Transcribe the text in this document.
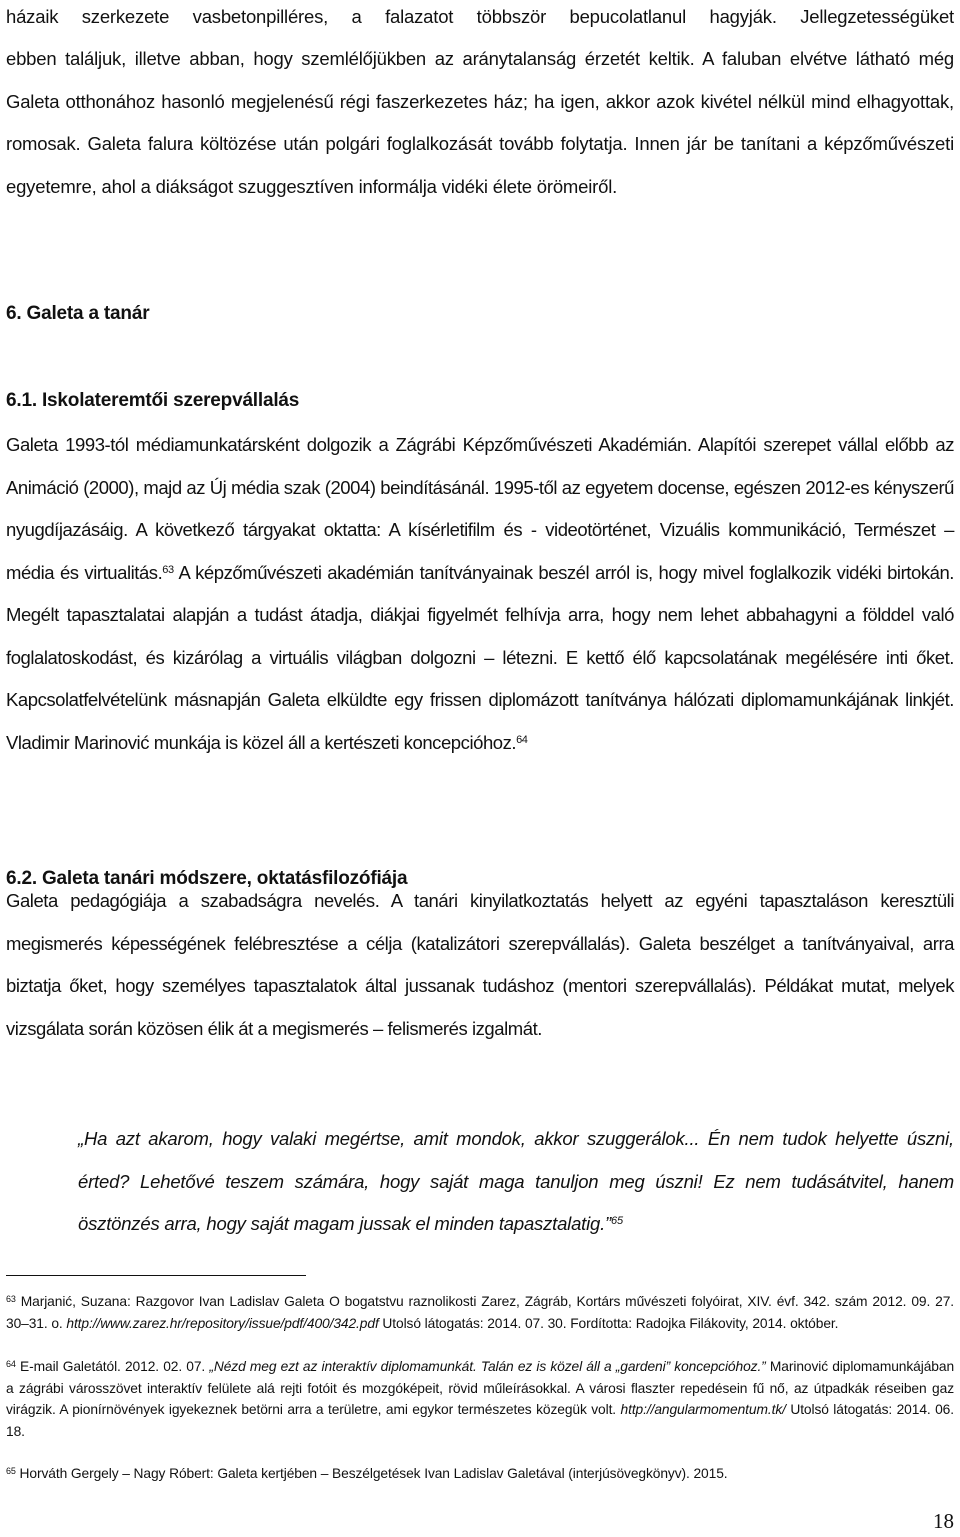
házaik szerkezete vasbetonpilléres, a falazatot többször bepucolatlanul hagyják. Jellegzetességüket

ebben találjuk, illetve abban, hogy szemlélőjükben az aránytalanság érzetét keltik. A faluban elvétve látható még Galeta otthonához hasonló megjelenésű régi faszerkezetes ház; ha igen, akkor azok kivétel nélkül mind elhagyottak, romosak. Galeta falura költözése után polgári foglalkozását tovább folytatja. Innen jár be tanítani a képzőművészeti egyetemre, ahol a diákságot szuggesztíven informálja vidéki élete örömeiről.

6. Galeta a tanár
6.1. Iskolateremtői szerepvállalás

Galeta 1993-tól médiamunkatársként dolgozik a Zágrábi Képzőművészeti Akadémián. Alapítói szerepet vállal előbb az Animáció (2000), majd az Új média szak (2004) beindításánál. 1995-től az egyetem docense, egészen 2012-es kényszerű nyugdíjazásáig. A következő tárgyakat oktatta: A kísérletifilm és - videotörténet, Vizuális kommunikáció, Természet – média és virtualitás.$^{63}$ A képzőművészeti akadémián tanítványainak beszél arról is, hogy mivel foglalkozik vidéki birtokán. Megélt tapasztalatai alapján a tudást átadja, diákjai figyelmét felhívja arra, hogy nem lehet abbahagyni a földdel való foglalatoskodást, és kizárólag a virtuális világban dolgozni – létezni. E kettő élő kapcsolatának megélésére inti őket. Kapcsolatfelvételünk másnapján Galeta elküldte egy frissen diplomázott tanítványa hálózati diplomamunkájának linkjét. Vladimir Marinović munkája is közel áll a kertészeti koncepcióhoz.$^{64}$

6.2. Galeta tanári módszere, oktatásfilozófiája

Galeta pedagógiája a szabadságra nevelés. A tanári kinyilatkoztatás helyett az egyéni tapasztaláson keresztüli megismerés képességének felébresztése a célja (katalizátori szerepvállalás). Galeta beszélget a tanítványaival, arra biztatja őket, hogy személyes tapasztalatok által jussanak tudáshoz (mentori szerepvállalás). Példákat mutat, melyek vizsgálata során közösen élik át a megismerés – felismerés izgalmát.

„Ha azt akarom, hogy valaki megértse, amit mondok, akkor szuggerálok... Én nem tudok helyette úszni, érted? Lehetővé teszem számára, hogy saját maga tanuljon meg úszni! Ez nem tudásátvitel, hanem ösztönzés arra, hogy saját magam jussak el minden tapasztalatig.”$^{65}$

$^{63}$ Marjanić, Suzana: Razgovor Ivan Ladislav Galeta O bogatstvu raznolikosti Zarez, Zágráb, Kortárs művészeti folyóirat, XIV. évf. 342. szám 2012. 09. 27. 30–31. o. http://www.zarez.hr/repository/issue/pdf/400/342.pdf Utolsó látogatás: 2014. 07. 30. Fordította: Radojka Filákovity, 2014. október.

$^{64}$ E-mail Galetától. 2012. 02. 07. „Nézd meg ezt az interaktív diplomamunkát. Talán ez is közel áll a „gardeni” koncepcióhoz.” Marinović diplomamunkájában a zágrábi városszövet interaktív felülete alá rejti fotóit és mozgóképeit, rövid műleírásokkal. A városi flaszter repedésein fű nő, az útpadkák réseiben gaz virágzik. A pionírnövények igyekeznek betörni arra a területre, ami egykor természetes közegük volt. http://angularmomentum.tk/ Utolsó látogatás: 2014. 06. 18.

$^{65}$ Horváth Gergely – Nagy Róbert: Galeta kertjében – Beszélgetések Ivan Ladislav Galetával (interjúsövegkönyv). 2015.

18
